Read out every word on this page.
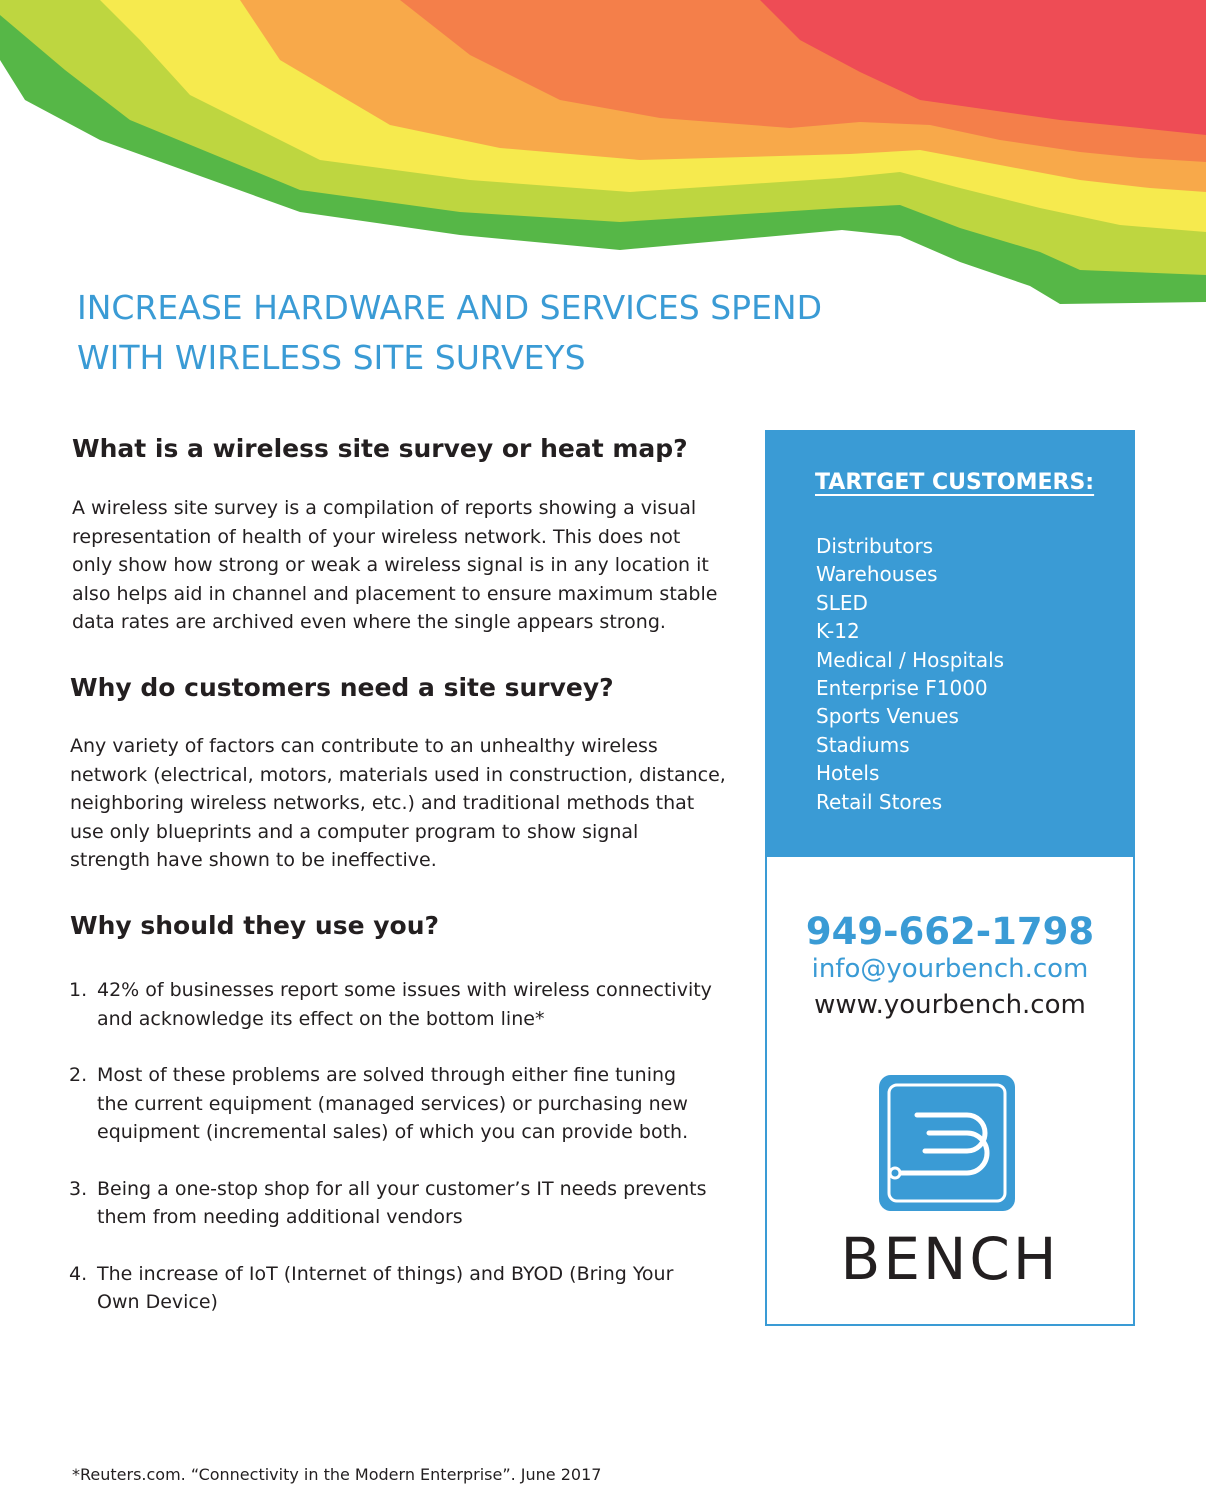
INCREASE HARDWARE AND SERVICES SPEND
WITH WIRELESS SITE SURVEYS
What is a wireless site survey or heat map?

A wireless site survey is a compilation of reports showing a visual
representation of health of your wireless network. This does not
only show how strong or weak a wireless signal is in any location it
also helps aid in channel and placement to ensure maximum stable
data rates are archived even where the single appears strong.

Why do customers need a site survey?

Any variety of factors can contribute to an unhealthy wireless
network (electrical, motors, materials used in construction, distance,
neighboring wireless networks, etc.) and traditional methods that
use only blueprints and a computer program to show signal
strength have shown to be ineffective.

Why should they use you?
1. 42% of businesses report some issues with wireless connectivity
and acknowledge its effect on the bottom line*
2. Most of these problems are solved through either fine tuning
the current equipment (managed services) or purchasing new
equipment (incremental sales) of which you can provide both.
3. Being a one-stop shop for all your customer’s IT needs prevents
them from needing additional vendors
4. The increase of IoT (Internet of things) and BYOD (Bring Your
Own Device)

*Reuters.com. “Connectivity in the Modern Enterprise”. June 2017

TARTGET CUSTOMERS:
Distributors
Warehouses
SLED
K-12
Medical / Hospitals
Enterprise F1000
Sports Venues
Stadiums
Hotels
Retail Stores

949-662-1798

info@yourbench.com

www.yourbench.com

BENCH
